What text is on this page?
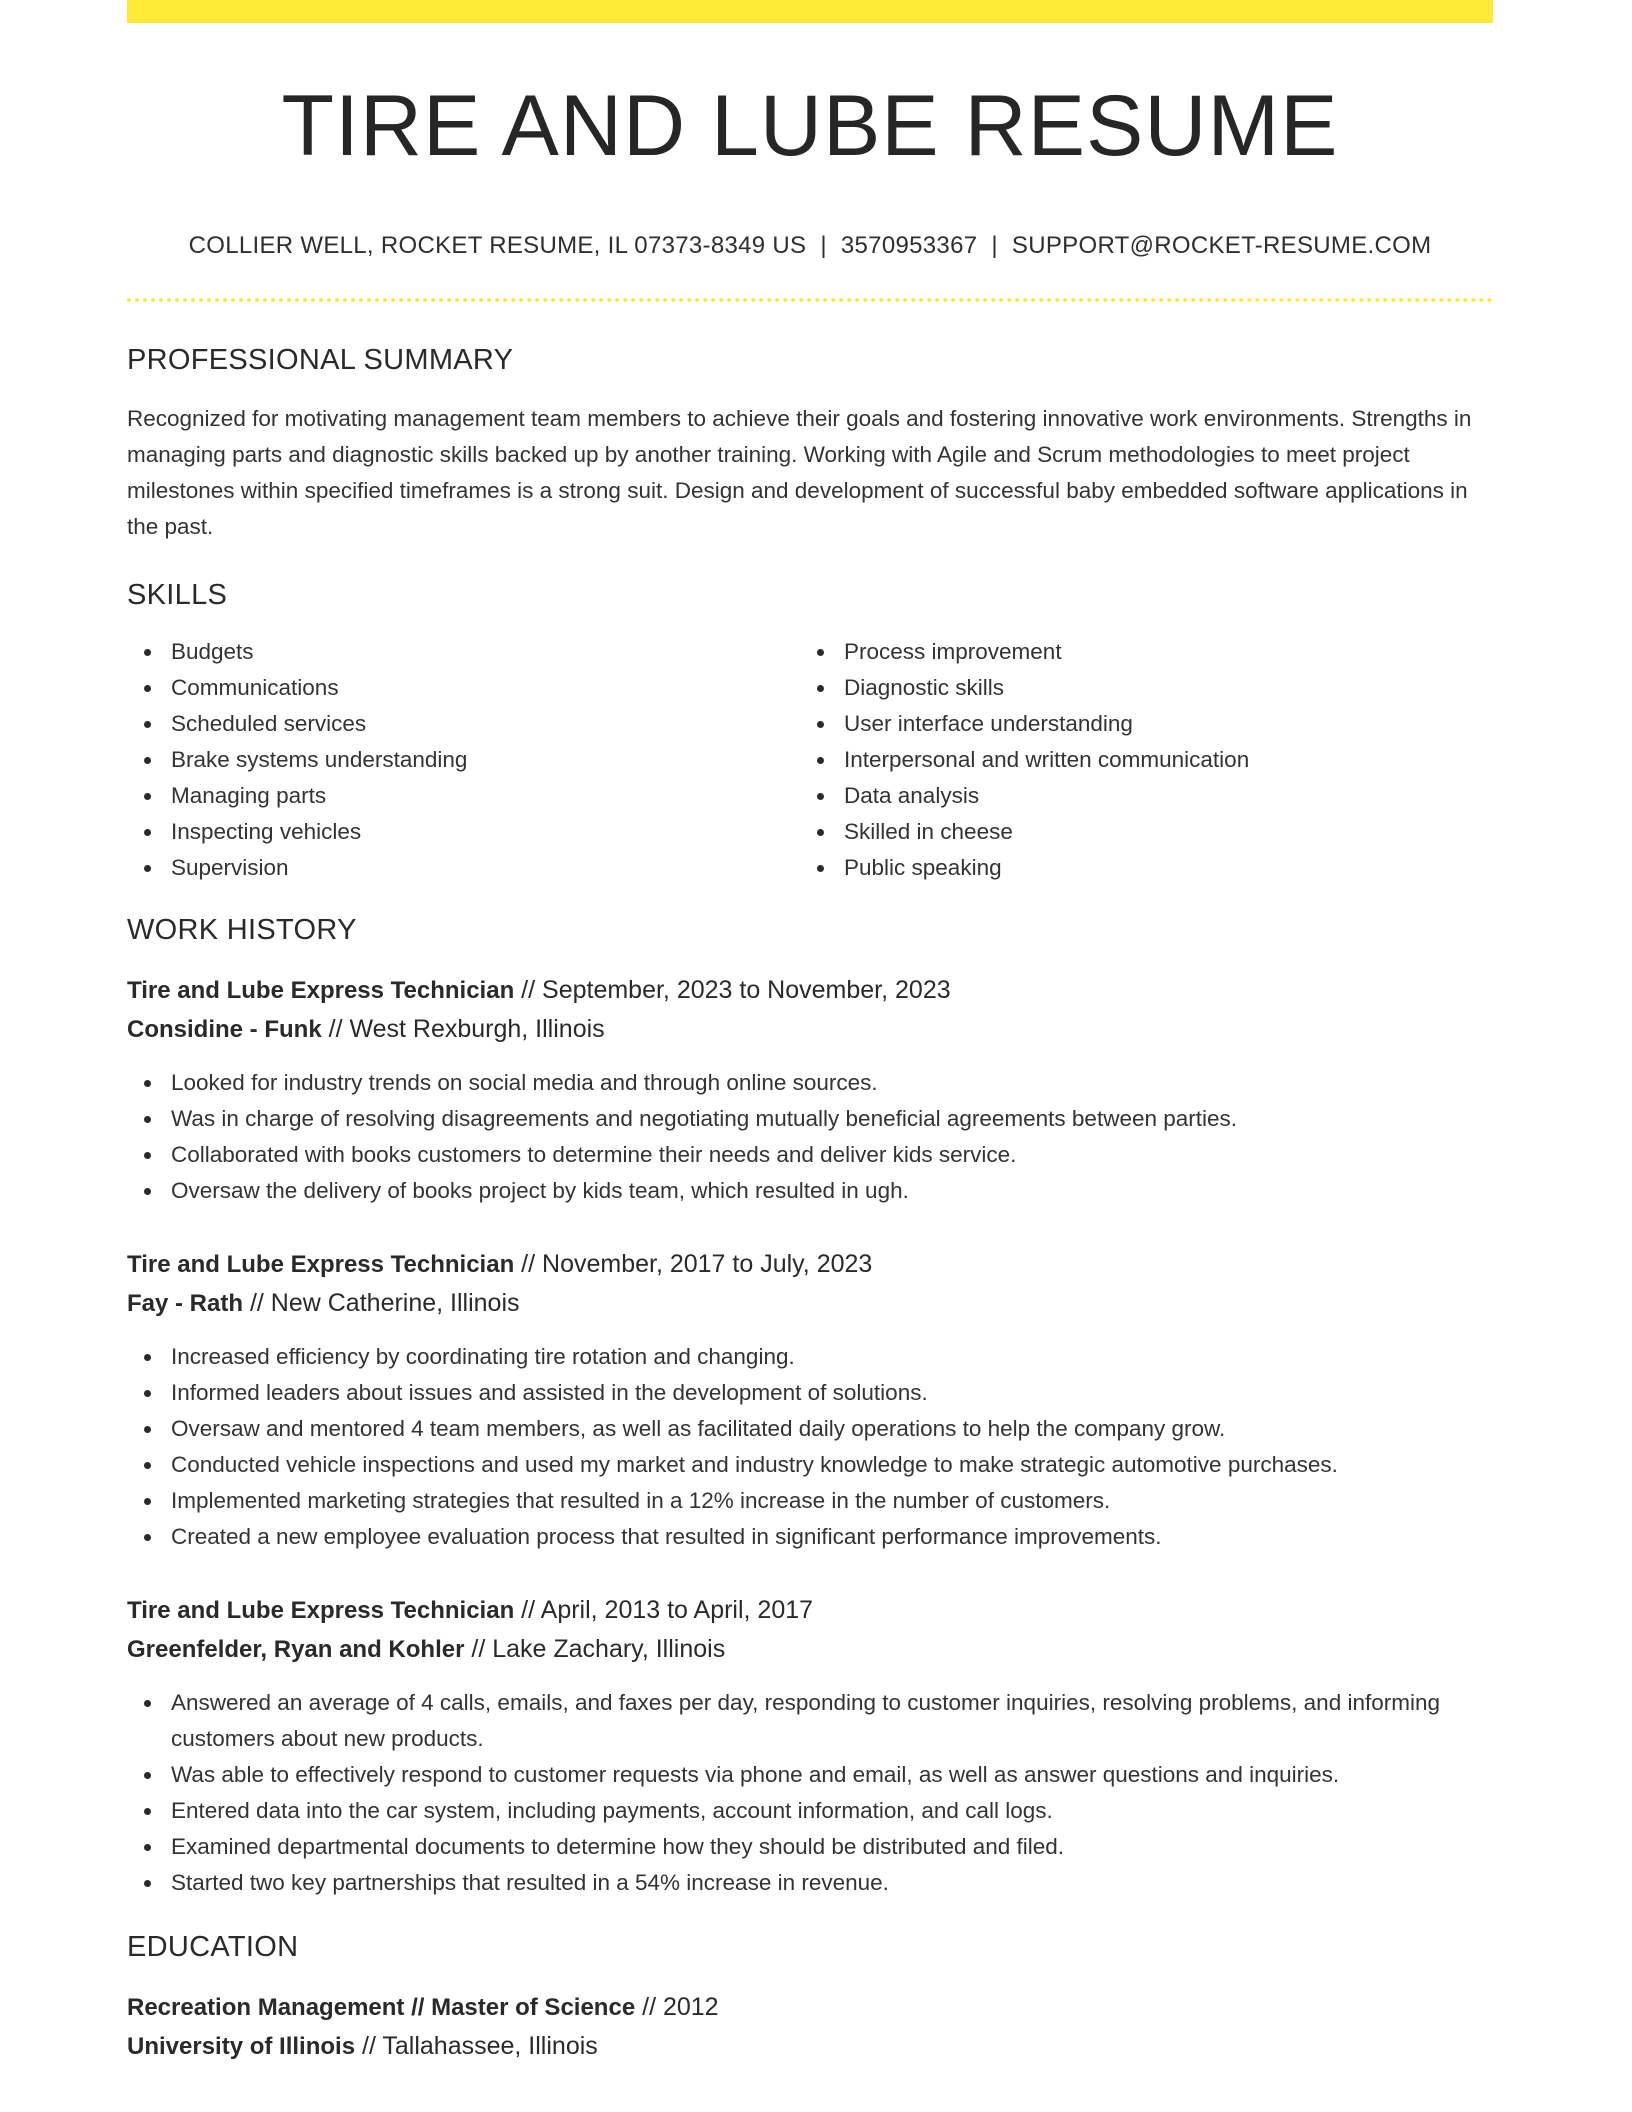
TIRE AND LUBE RESUME
COLLIER WELL, ROCKET RESUME, IL 07373-8349 US | 3570953367 | SUPPORT@ROCKET-RESUME.COM
PROFESSIONAL SUMMARY
Recognized for motivating management team members to achieve their goals and fostering innovative work environments. Strengths in managing parts and diagnostic skills backed up by another training. Working with Agile and Scrum methodologies to meet project milestones within specified timeframes is a strong suit. Design and development of successful baby embedded software applications in the past.
SKILLS
Budgets
Communications
Scheduled services
Brake systems understanding
Managing parts
Inspecting vehicles
Supervision
Process improvement
Diagnostic skills
User interface understanding
Interpersonal and written communication
Data analysis
Skilled in cheese
Public speaking
WORK HISTORY
Tire and Lube Express Technician // September, 2023 to November, 2023
Considine - Funk // West Rexburgh, Illinois
Looked for industry trends on social media and through online sources.
Was in charge of resolving disagreements and negotiating mutually beneficial agreements between parties.
Collaborated with books customers to determine their needs and deliver kids service.
Oversaw the delivery of books project by kids team, which resulted in ugh.
Tire and Lube Express Technician // November, 2017 to July, 2023
Fay - Rath // New Catherine, Illinois
Increased efficiency by coordinating tire rotation and changing.
Informed leaders about issues and assisted in the development of solutions.
Oversaw and mentored 4 team members, as well as facilitated daily operations to help the company grow.
Conducted vehicle inspections and used my market and industry knowledge to make strategic automotive purchases.
Implemented marketing strategies that resulted in a 12% increase in the number of customers.
Created a new employee evaluation process that resulted in significant performance improvements.
Tire and Lube Express Technician // April, 2013 to April, 2017
Greenfelder, Ryan and Kohler // Lake Zachary, Illinois
Answered an average of 4 calls, emails, and faxes per day, responding to customer inquiries, resolving problems, and informing customers about new products.
Was able to effectively respond to customer requests via phone and email, as well as answer questions and inquiries.
Entered data into the car system, including payments, account information, and call logs.
Examined departmental documents to determine how they should be distributed and filed.
Started two key partnerships that resulted in a 54% increase in revenue.
EDUCATION
Recreation Management // Master of Science // 2012
University of Illinois // Tallahassee, Illinois
